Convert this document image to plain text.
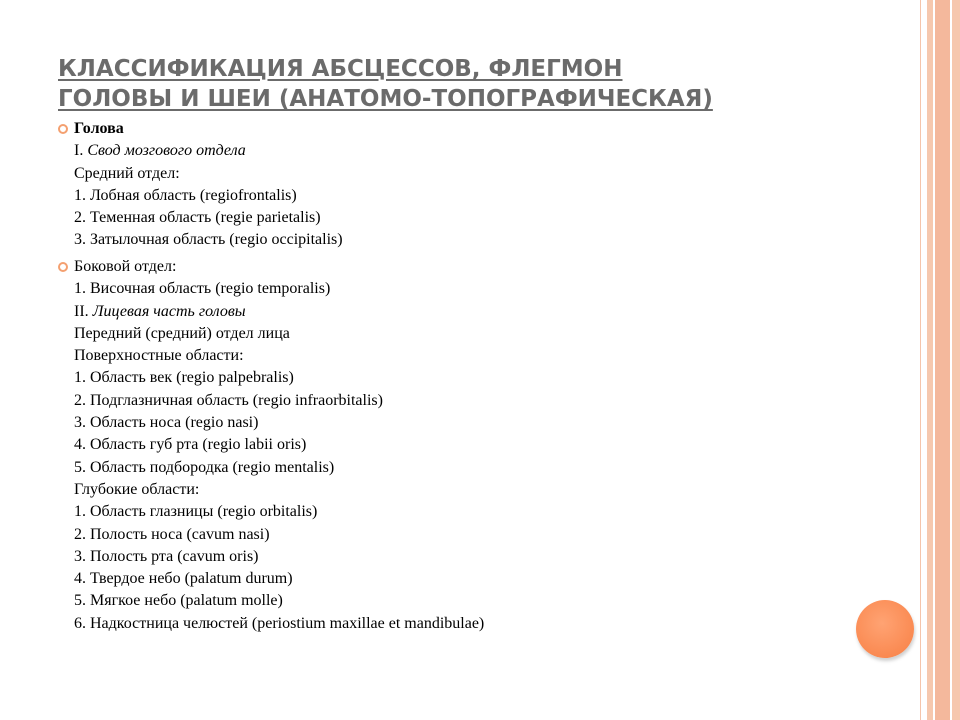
КЛАССИФИКАЦИЯ АБСЦЕССОВ, ФЛЕГМОН
ГОЛОВЫ И ШЕИ (АНАТОМО-ТОПОГРАФИЧЕСКАЯ)
Голова
I. Свод мозгового отдела
Средний отдел:
1. Лобная область (regiofrontalis)
2. Теменная область (regie parietalis)
3. Затылочная область (regio occipitalis)
Боковой отдел:
1. Височная область (regio temporalis)
II. Лицевая часть головы
Передний (средний) отдел лица
Поверхностные области:
1. Область век (regio palpebralis)
2. Подглазничная область (regio infraorbitalis)
3. Область носа (regio nasi)
4. Область губ рта (regio labii oris)
5. Область подбородка (regio mentalis)
Глубокие области:
1. Область глазницы (regio orbitalis)
2. Полость носа (cavum nasi)
3. Полость рта (cavum oris)
4. Твердое небо (palatum durum)
5. Мягкое небо (palatum molle)
6. Надкостница челюстей (periostium maxillae et mandibulae)
